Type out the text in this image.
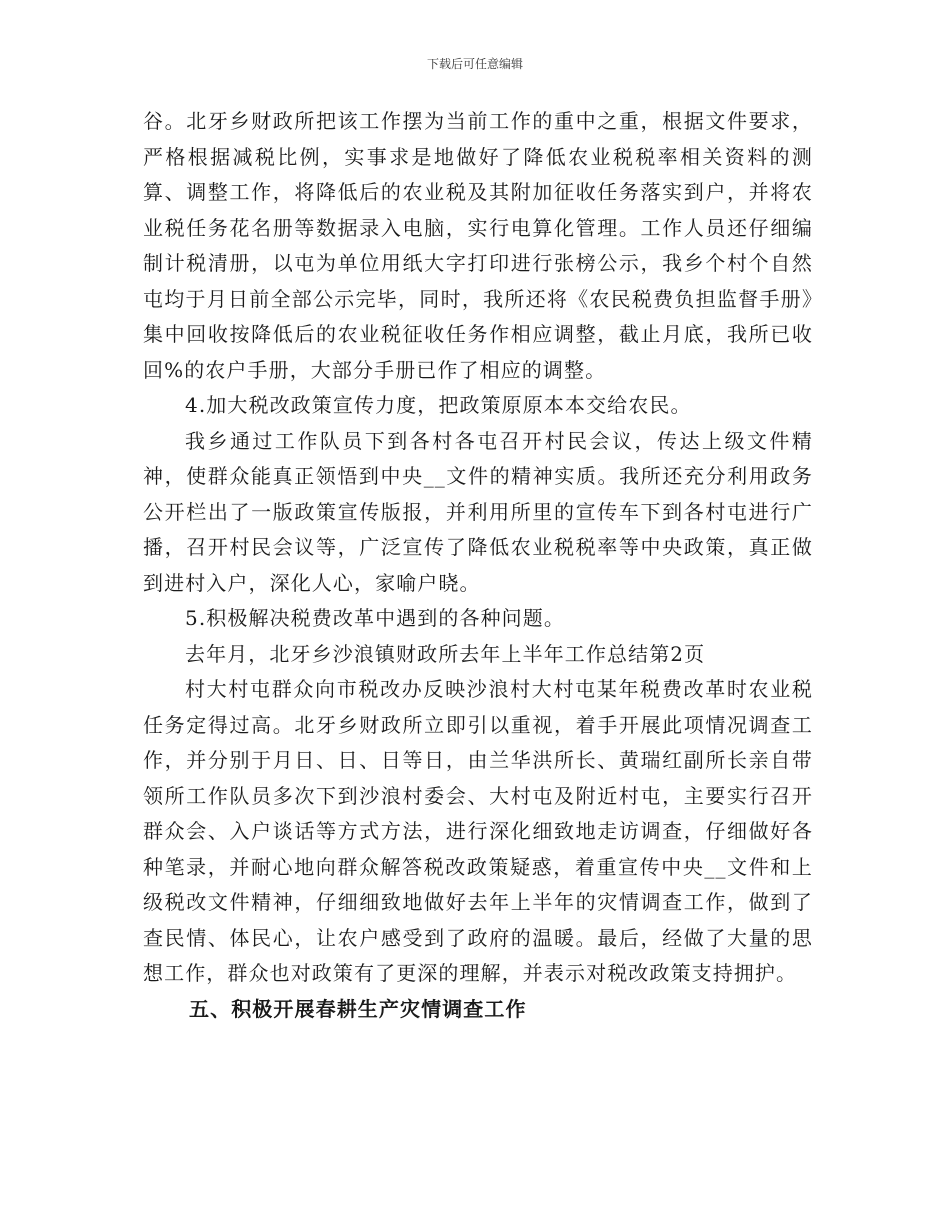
下载后可任意编辑

谷。北牙乡财政所把该工作摆为当前工作的重中之重，根据文件要求，严格根据减税比例，实事求是地做好了降低农业税税率相关资料的测算、调整工作，将降低后的农业税及其附加征收任务落实到户，并将农业税任务花名册等数据录入电脑，实行电算化管理。工作人员还仔细编制计税清册，以屯为单位用纸大字打印进行张榜公示，我乡个村个自然屯均于月日前全部公示完毕，同时，我所还将《农民税费负担监督手册》集中回收按降低后的农业税征收任务作相应调整，截止月底，我所已收回%的农户手册，大部分手册已作了相应的调整。

4.加大税改政策宣传力度，把政策原原本本交给农民。

我乡通过工作队员下到各村各屯召开村民会议，传达上级文件精神，使群众能真正领悟到中央__文件的精神实质。我所还充分利用政务公开栏出了一版政策宣传版报，并利用所里的宣传车下到各村屯进行广播，召开村民会议等，广泛宣传了降低农业税税率等中央政策，真正做到进村入户，深化人心，家喻户晓。

5.积极解决税费改革中遇到的各种问题。

去年月，北牙乡沙浪镇财政所去年上半年工作总结第2页

村大村屯群众向市税改办反映沙浪村大村屯某年税费改革时农业税任务定得过高。北牙乡财政所立即引以重视，着手开展此项情况调查工作，并分别于月日、日、日等日，由兰华洪所长、黄瑞红副所长亲自带领所工作队员多次下到沙浪村委会、大村屯及附近村屯，主要实行召开群众会、入户谈话等方式方法，进行深化细致地走访调查，仔细做好各种笔录，并耐心地向群众解答税改政策疑惑，着重宣传中央__文件和上级税改文件精神，仔细细致地做好去年上半年的灾情调查工作，做到了查民情、体民心，让农户感受到了政府的温暖。最后，经做了大量的思想工作，群众也对政策有了更深的理解，并表示对税改政策支持拥护。

五、积极开展春耕生产灾情调查工作
